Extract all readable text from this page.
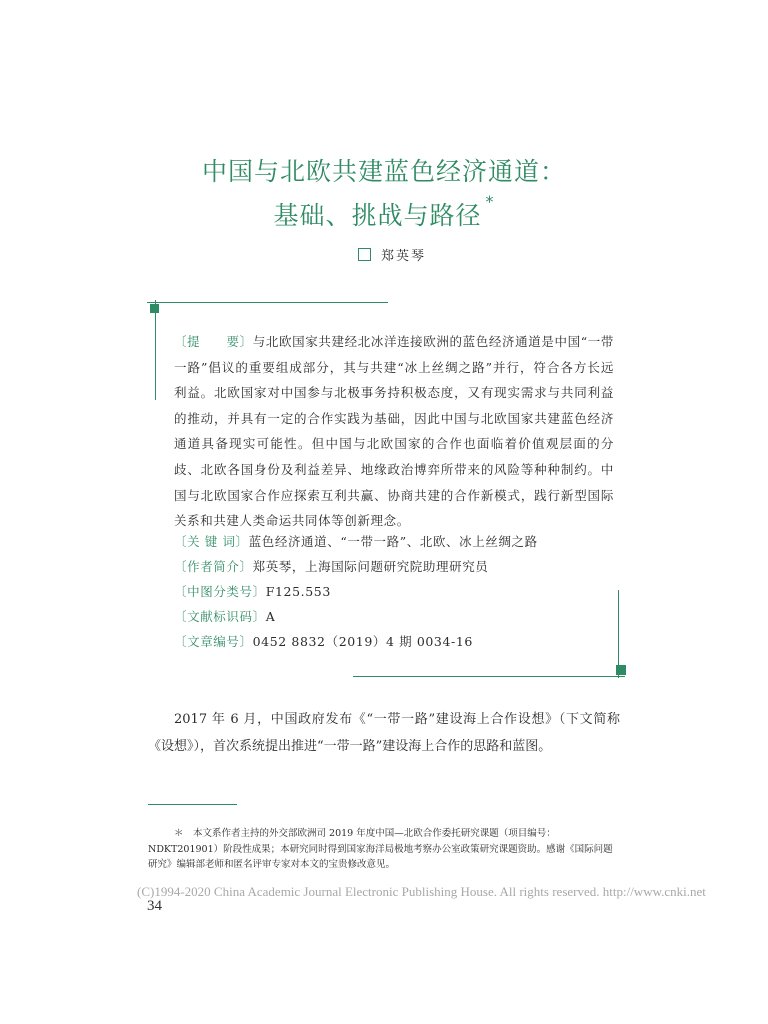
中国与北欧共建蓝色经济通道：
基础、挑战与路径 *
郑英琴
〔提　　要〕与北欧国家共建经北冰洋连接欧洲的蓝色经济通道是中国“一带一路”倡议的重要组成部分，其与共建“冰上丝绸之路”并行，符合各方长远利益。北欧国家对中国参与北极事务持积极态度，又有现实需求与共同利益的推动，并具有一定的合作实践为基础，因此中国与北欧国家共建蓝色经济通道具备现实可能性。但中国与北欧国家的合作也面临着价值观层面的分歧、北欧各国身份及利益差异、地缘政治博弈所带来的风险等种种制约。中国与北欧国家合作应探索互利共赢、协商共建的合作新模式，践行新型国际关系和共建人类命运共同体等创新理念。
〔关 键 词〕蓝色经济通道、“一带一路”、北欧、冰上丝绸之路
〔作者简介〕郑英琴，上海国际问题研究院助理研究员
〔中图分类号〕F125.553
〔文献标识码〕A
〔文章编号〕0452 8832（2019）4 期 0034-16

2017 年 6 月，中国政府发布《“一带一路”建设海上合作设想》（下文简称《设想》），首次系统提出推进“一带一路”建设海上合作的思路和蓝图。

＊　本文系作者主持的外交部欧洲司 2019 年度中国—北欧合作委托研究课题（项目编号：NDKT201901）阶段性成果；本研究同时得到国家海洋局极地考察办公室政策研究课题资助。感谢《国际问题研究》编辑部老师和匿名评审专家对本文的宝贵修改意见。

(C)1994-2020 China Academic Journal Electronic Publishing House. All rights reserved. http://www.cnki.net
34
